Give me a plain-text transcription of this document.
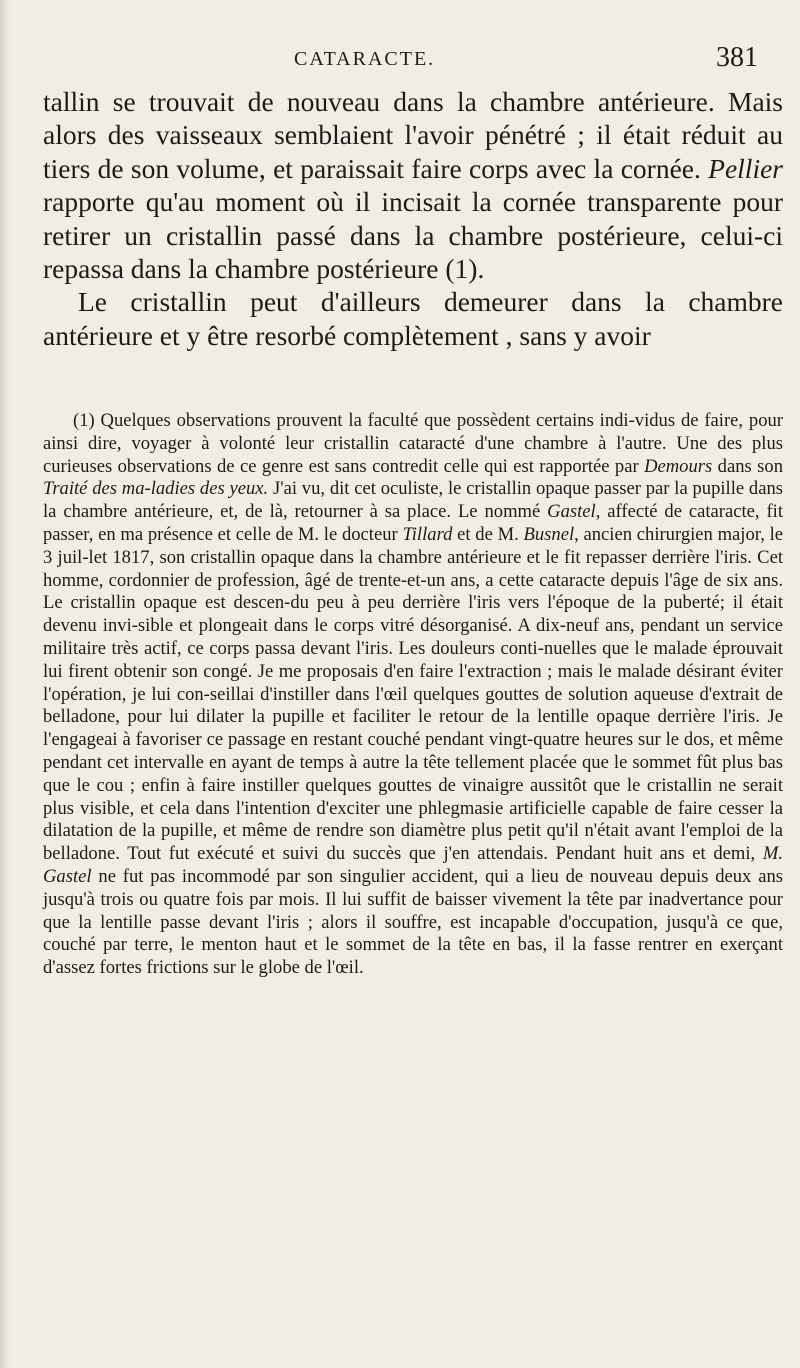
CATARACTE.	381

tallin se trouvait de nouveau dans la chambre antérieure. Mais alors des vaisseaux semblaient l'avoir pénétré ; il était réduit au tiers de son volume, et paraissait faire corps avec la cornée. Pellier rapporte qu'au moment où il incisait la cornée transparente pour retirer un cristallin passé dans la chambre postérieure, celui-ci repassa dans la chambre postérieure (1).

Le cristallin peut d'ailleurs demeurer dans la chambre antérieure et y être resorbé complètement , sans y avoir

(1) Quelques observations prouvent la faculté que possèdent certains indi-vidus de faire, pour ainsi dire, voyager à volonté leur cristallin cataracté d'une chambre à l'autre. Une des plus curieuses observations de ce genre est sans contredit celle qui est rapportée par Demours dans son Traité des ma-ladies des yeux. J'ai vu, dit cet oculiste, le cristallin opaque passer par la pupille dans la chambre antérieure, et, de là, retourner à sa place. Le nommé Gastel, affecté de cataracte, fit passer, en ma présence et celle de M. le docteur Tillard et de M. Busnel, ancien chirurgien major, le 3 juil-let 1817, son cristallin opaque dans la chambre antérieure et le fit repasser derrière l'iris. Cet homme, cordonnier de profession, âgé de trente-et-un ans, a cette cataracte depuis l'âge de six ans. Le cristallin opaque est descen-du peu à peu derrière l'iris vers l'époque de la puberté; il était devenu invi-sible et plongeait dans le corps vitré désorganisé. A dix-neuf ans, pendant un service militaire très actif, ce corps passa devant l'iris. Les douleurs conti-nuelles que le malade éprouvait lui firent obtenir son congé. Je me proposais d'en faire l'extraction ; mais le malade désirant éviter l'opération, je lui con-seillai d'instiller dans l'œil quelques gouttes de solution aqueuse d'extrait de belladone, pour lui dilater la pupille et faciliter le retour de la lentille opaque derrière l'iris. Je l'engageai à favoriser ce passage en restant couché pendant vingt-quatre heures sur le dos, et même pendant cet intervalle en ayant de temps à autre la tête tellement placée que le sommet fût plus bas que le cou ; enfin à faire instiller quelques gouttes de vinaigre aussitôt que le cristallin ne serait plus visible, et cela dans l'intention d'exciter une phlegmasie artificielle capable de faire cesser la dilatation de la pupille, et même de rendre son diamètre plus petit qu'il n'était avant l'emploi de la belladone. Tout fut exécuté et suivi du succès que j'en attendais. Pendant huit ans et demi, M. Gastel ne fut pas incommodé par son singulier accident, qui a lieu de nouveau depuis deux ans jusqu'à trois ou quatre fois par mois. Il lui suffit de baisser vivement la tête par inadvertance pour que la lentille passe devant l'iris ; alors il souffre, est incapable d'occupation, jusqu'à ce que, couché par terre, le menton haut et le sommet de la tête en bas, il la fasse rentrer en exerçant d'assez fortes frictions sur le globe de l'œil.
